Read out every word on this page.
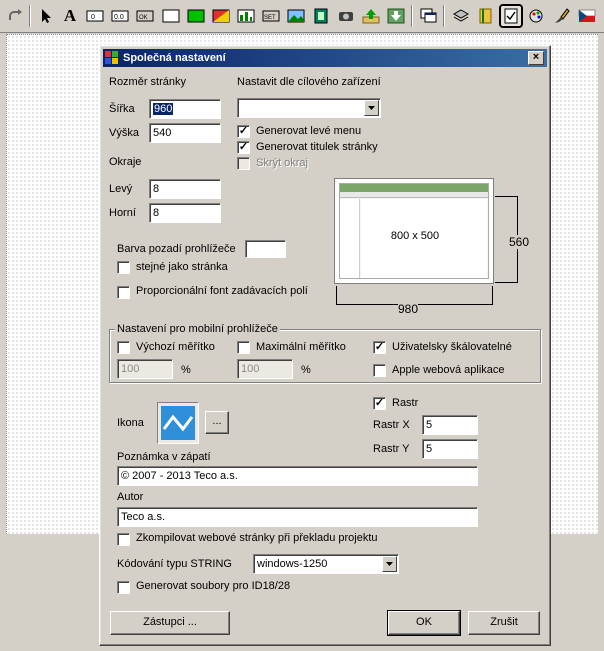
A 0	0.0	OK	SET
Společná nastavení	×
Rozměr stránky
Šířka	960
Výška	540
Nastavit dle cílového zařízení
✓ Generovat levé menu
✓ Generovat titulek stránky
Skrýt okraj
Okraje
Levý	8
Horní	8
800 x 500	560
980
Barva pozadí prohlížeče
stejné jako stránka
Proporcionální font zadávacích polí
Nastavení pro mobilní prohlížeče
Výchozí měřítko
100	%
Maximální měřítko
100	%
✓ Uživatelsky škálovatelné
Apple webová aplikace
Ikona	...
✓ Rastr
Rastr X	5
Rastr Y	5
Poznámka v zápatí
© 2007 - 2013 Teco a.s.
Autor
Teco a.s.
Zkompilovat webové stránky při překladu projektu
Kódování typu STRING	windows-1250
Generovat soubory pro ID18/28
Zástupci ...	OK	Zrušit
